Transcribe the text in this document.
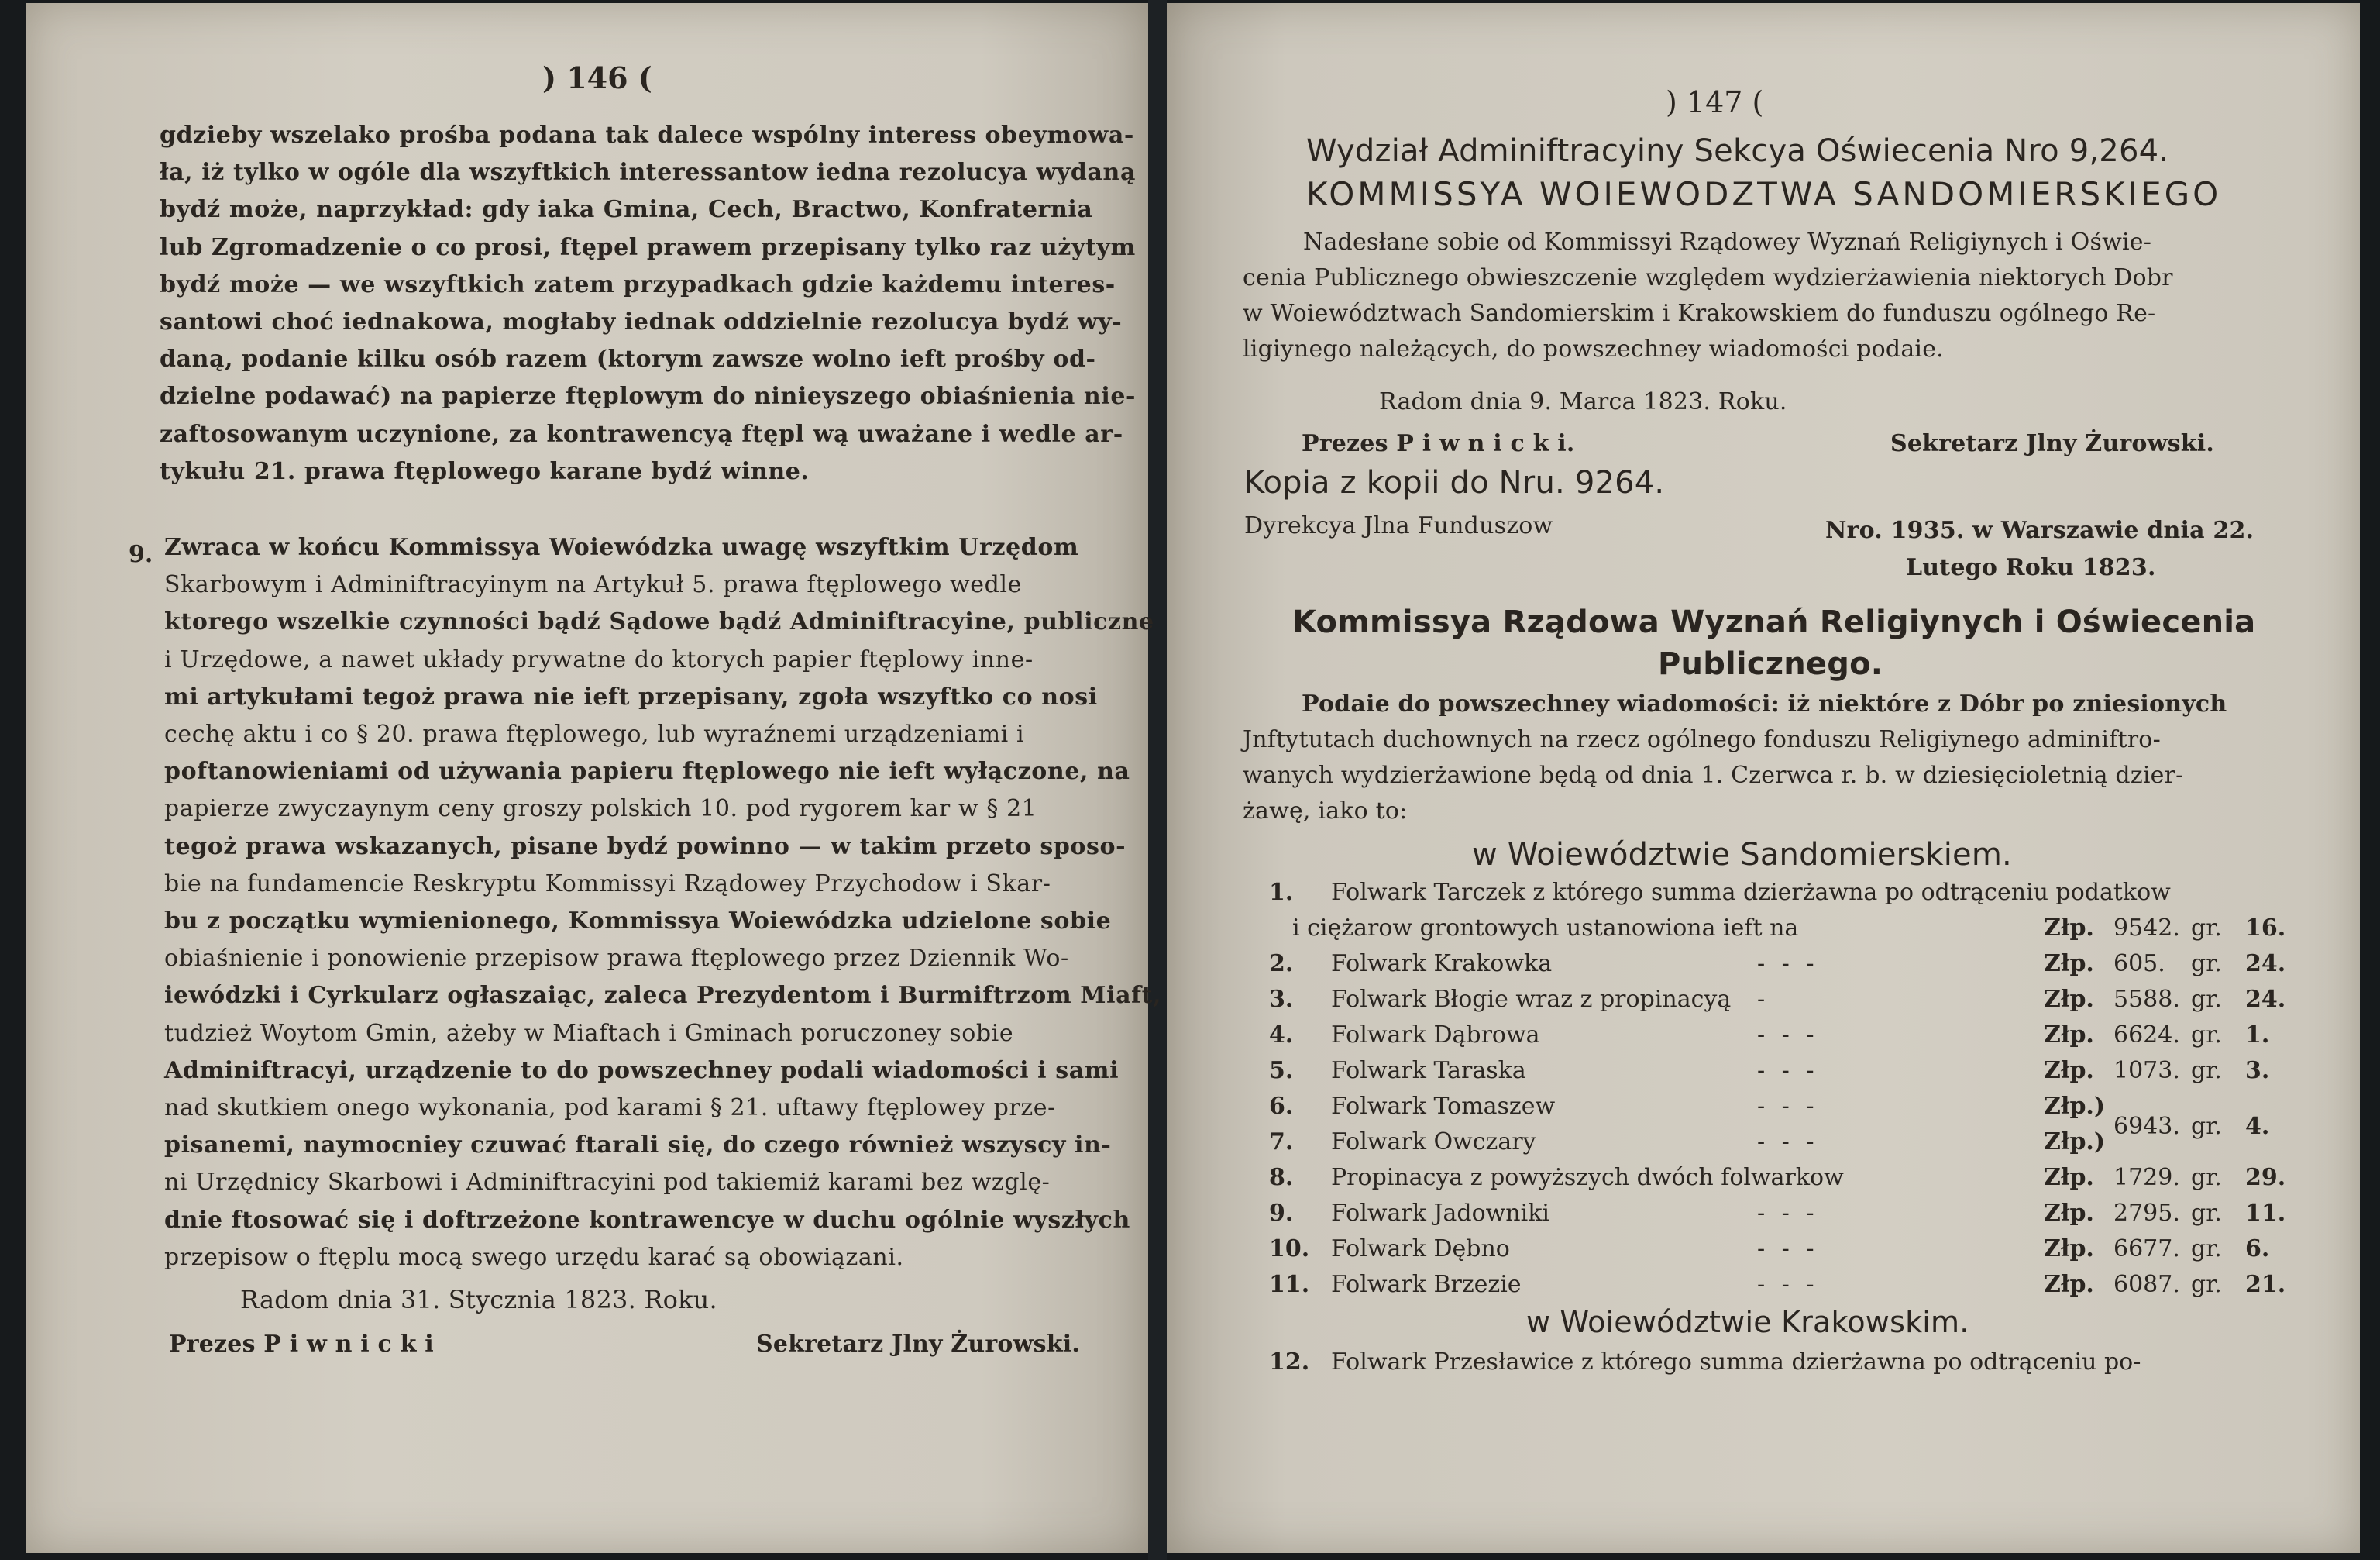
) 146 (
gdzieby wszelako prośba podana tak dalece wspólny interess obeymowa-
ła, iż tylko w ogóle dla wszyftkich interessantow iedna rezolucya wydaną
bydź może, naprzykład: gdy iaka Gmina, Cech, Bractwo, Konfraternia
lub Zgromadzenie o co prosi, ftępel prawem przepisany tylko raz użytym
bydź może — we wszyftkich zatem przypadkach gdzie każdemu interes-
santowi choć iednakowa, mogłaby iednak oddzielnie rezolucya bydź wy-
daną, podanie kilku osób razem (ktorym zawsze wolno ieft prośby od-
dzielne podawać) na papierze ftęplowym do niniеyszego obiaśnienia nie-
zaftosowanym uczynione, za kontrawencyą ftępl wą uważane i wedle ar-
tykułu 21. prawa ftęplowego karane bydź winne.
9. Zwraca w końcu Kommissya Woiewódzka uwagę wszyftkim Urzędom
Skarbowym i Adminiftracyinym na Artykuł 5. prawa ftęplowego wedle
ktorego wszelkie czynności bądź Sądowe bądź Adminiftracyine, publiczne
i Urzędowe, a nawet układy prywatne do ktorych papier ftęplowy inne-
mi artykułami tegoż prawa nie ieft przepisany, zgoła wszyftko co nosi
cechę aktu i co § 20. prawa ftęplowego, lub wyraźnemi urządzeniami i
poftanowieniami od używania papieru ftęplowego nie ieft wyłączone, na
papierze zwyczaynym ceny groszy polskich 10. pod rygorem kar w § 21
tegoż prawa wskazanych, pisane bydź powinno — w takim przeto sposo-
bie na fundamencie Reskryptu Kommissyi Rządowey Przychodow i Skar-
bu z początku wymienionego, Kommissya Woiewódzka udzielone sobie
obiaśnienie i ponowienie przepisow prawa ftęplowego przez Dziennik Wo-
iewódzki i Cyrkularz ogłaszaiąc, zaleca Prezydentom i Burmiftrzom Miaft,
tudzież Woytom Gmin, ażeby w Miaftach i Gminach poruczoney sobie
Adminiftracyi, urządzenie to do powszechney podali wiadomości i sami
nad skutkiem onego wykonania, pod karami § 21. uftawy ftęplowey prze-
pisanemi, naymocniey czuwać ftarali się, do czego również wszyscy in-
ni Urzędnicy Skarbowi i Adminiftracyini pod takiemiż karami bez wzglę-
dnie ftosować się i doftrzeżone kontrawencye w duchu ogólnie wyszłych
przepisow o ftęplu mocą swego urzędu karać są obowiązani.
Radom dnia 31. Stycznia 1823. Roku.
Prezes P i w n i c k i	Sekretarz Jlny Żurowski.
) 147 (
Wydział Adminiftracyiny Sekcya Oświecenia Nro 9,264.
KOMMISSYA WOIEWODZTWA SANDOMIERSKIEGO
Nadesłane sobie od Kommissyi Rządowey Wyznań Religiynych i Oświe-
cenia Publicznego obwieszczenie względem wydzierżawienia niektorych Dobr
w Woiewództwach Sandomierskim i Krakowskiem do funduszu ogólnego Re-
ligiynego należących, do powszechney wiadomości podaie.
Radom dnia 9. Marca 1823. Roku.
Prezes P i w n i c k i.	Sekretarz Jlny Żurowski.
Kopia z kopii do Nru. 9264.
Dyrekcya Jlna Funduszow	Nro. 1935. w Warszawie dnia 22.
Lutego Roku 1823.
Kommissya Rządowa Wyznań Religiynych i Oświecenia
Publicznego.
Podaie do powszechney wiadomości: iż niektóre z Dóbr po zniesionych
Jnftytutach duchownych na rzecz ogólnego fonduszu Religiynego adminiftro-
wanych wydzierżawione będą od dnia 1. Czerwca r. b. w dziesięcioletnią dzier-
żawę, iako to:
w Woiewództwie Sandomierskiem.
1. Folwark Tarczek z którego summa dzierżawna po odtrąceniu podatkow
i ciężarow grontowych ustanowiona ieft na	Złp. 9542. gr. 16.
2. Folwark Krakowka	- - -	Złp. 605. gr. 24.
3. Folwark Błogie wraz z propinacyą -	Złp. 5588. gr. 24.
4. Folwark Dąbrowa	- - -	Złp. 6624. gr. 1.
5. Folwark Taraska	- - -	Złp. 1073. gr. 3.
6. Folwark Tomaszew	- - -	Złp.)
7. Folwark Owczary	- - -	Złp.)
6943. gr. 4.
8. Propinacya z powyższych dwóch folwarkow	Złp. 1729. gr. 29.
9. Folwark Jadowniki	- - -	Złp. 2795. gr. 11.
10. Folwark Dębno	- - -	Złp. 6677. gr. 6.
11. Folwark Brzezie	- - -	Złp. 6087. gr. 21.
w Woiewództwie Krakowskim.
12. Folwark Przesławice z którego summa dzierżawna po odtrąceniu po-
